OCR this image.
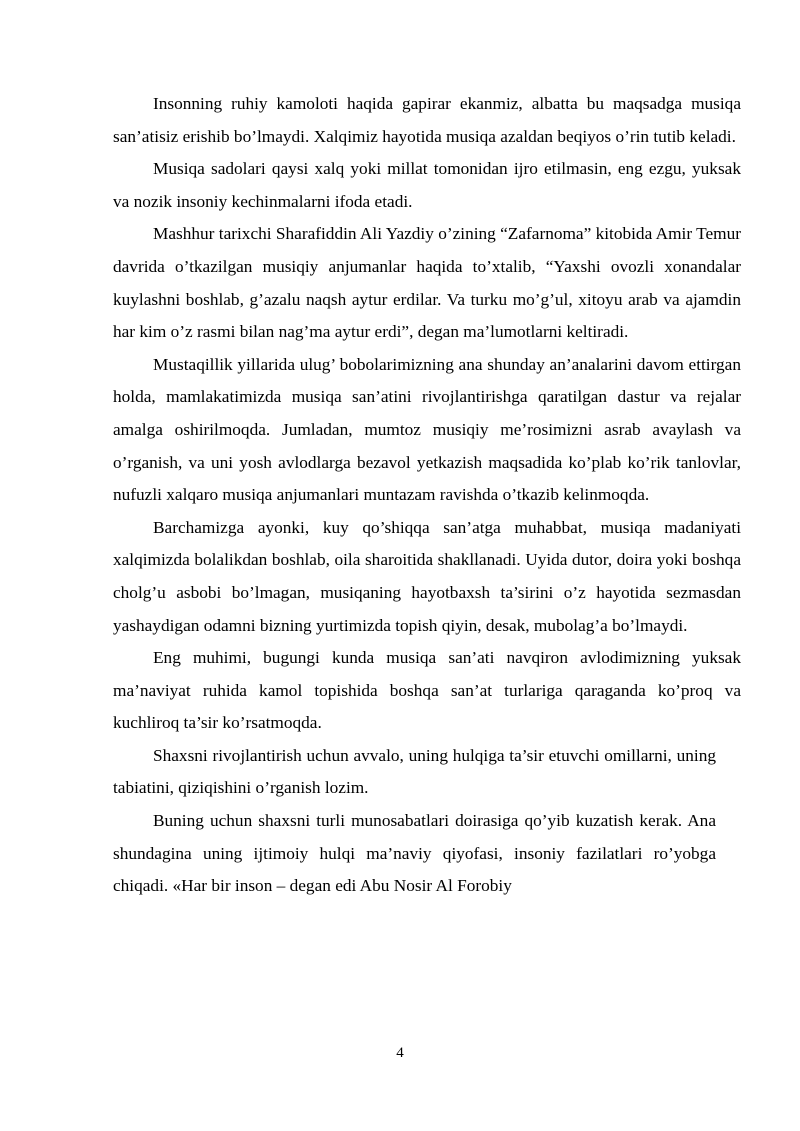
Insonning ruhiy kamoloti haqida gapirar ekanmiz, albatta bu maqsadga musiqa san’atisiz erishib bo’lmaydi. Xalqimiz hayotida musiqa azaldan beqiyos o’rin tutib keladi.

Musiqa sadolari qaysi xalq yoki millat tomonidan ijro etilmasin, eng ezgu, yuksak va nozik insoniy kechinmalarni ifoda etadi.

Mashhur tarixchi Sharafiddin Ali Yazdiy o’zining “Zafarnoma” kitobida Amir Temur davrida o’tkazilgan musiqiy anjumanlar haqida to’xtalib, “Yaxshi ovozli xonandalar kuylashni boshlab, g’azalu naqsh aytur erdilar. Va turku mo’g’ul, xitoyu arab va ajamdin har kim o’z rasmi bilan nag’ma aytur erdi”, degan ma’lumotlarni keltiradi.

Mustaqillik yillarida ulug’ bobolarimizning ana shunday an’analarini davom ettirgan holda, mamlakatimizda musiqa san’atini rivojlantirishga qaratilgan dastur va rejalar amalga oshirilmoqda. Jumladan, mumtoz musiqiy me’rosimizni asrab avaylash va o’rganish, va uni yosh avlodlarga bezavol yetkazish maqsadida ko’plab ko’rik tanlovlar, nufuzli xalqaro musiqa anjumanlari muntazam ravishda o’tkazib kelinmoqda.

Barchamizga ayonki, kuy qo’shiqqa san’atga muhabbat, musiqa madaniyati xalqimizda bolalikdan boshlab, oila sharoitida shakllanadi. Uyida dutor, doira yoki boshqa cholg’u asbobi bo’lmagan, musiqaning hayotbaxsh ta’sirini o’z hayotida sezmasdan yashaydigan odamni bizning yurtimizda topish qiyin, desak, mubolag’a bo’lmaydi.

Eng muhimi, bugungi kunda musiqa san’ati navqiron avlodimizning yuksak ma’naviyat ruhida kamol topishida boshqa san’at turlariga qaraganda ko’proq va kuchliroq ta’sir ko’rsatmoqda.

Shaxsni rivojlantirish uchun avvalo, uning hulqiga ta’sir etuvchi omillarni, uning tabiatini, qiziqishini o’rganish lozim.

Buning uchun shaxsni turli munosabatlari doirasiga qo’yib kuzatish kerak. Ana shundagina uning ijtimoiy hulqi ma’naviy qiyofasi, insoniy fazilatlari ro’yobga chiqadi. «Har bir inson – degan edi Abu Nosir Al Forobiy

4
